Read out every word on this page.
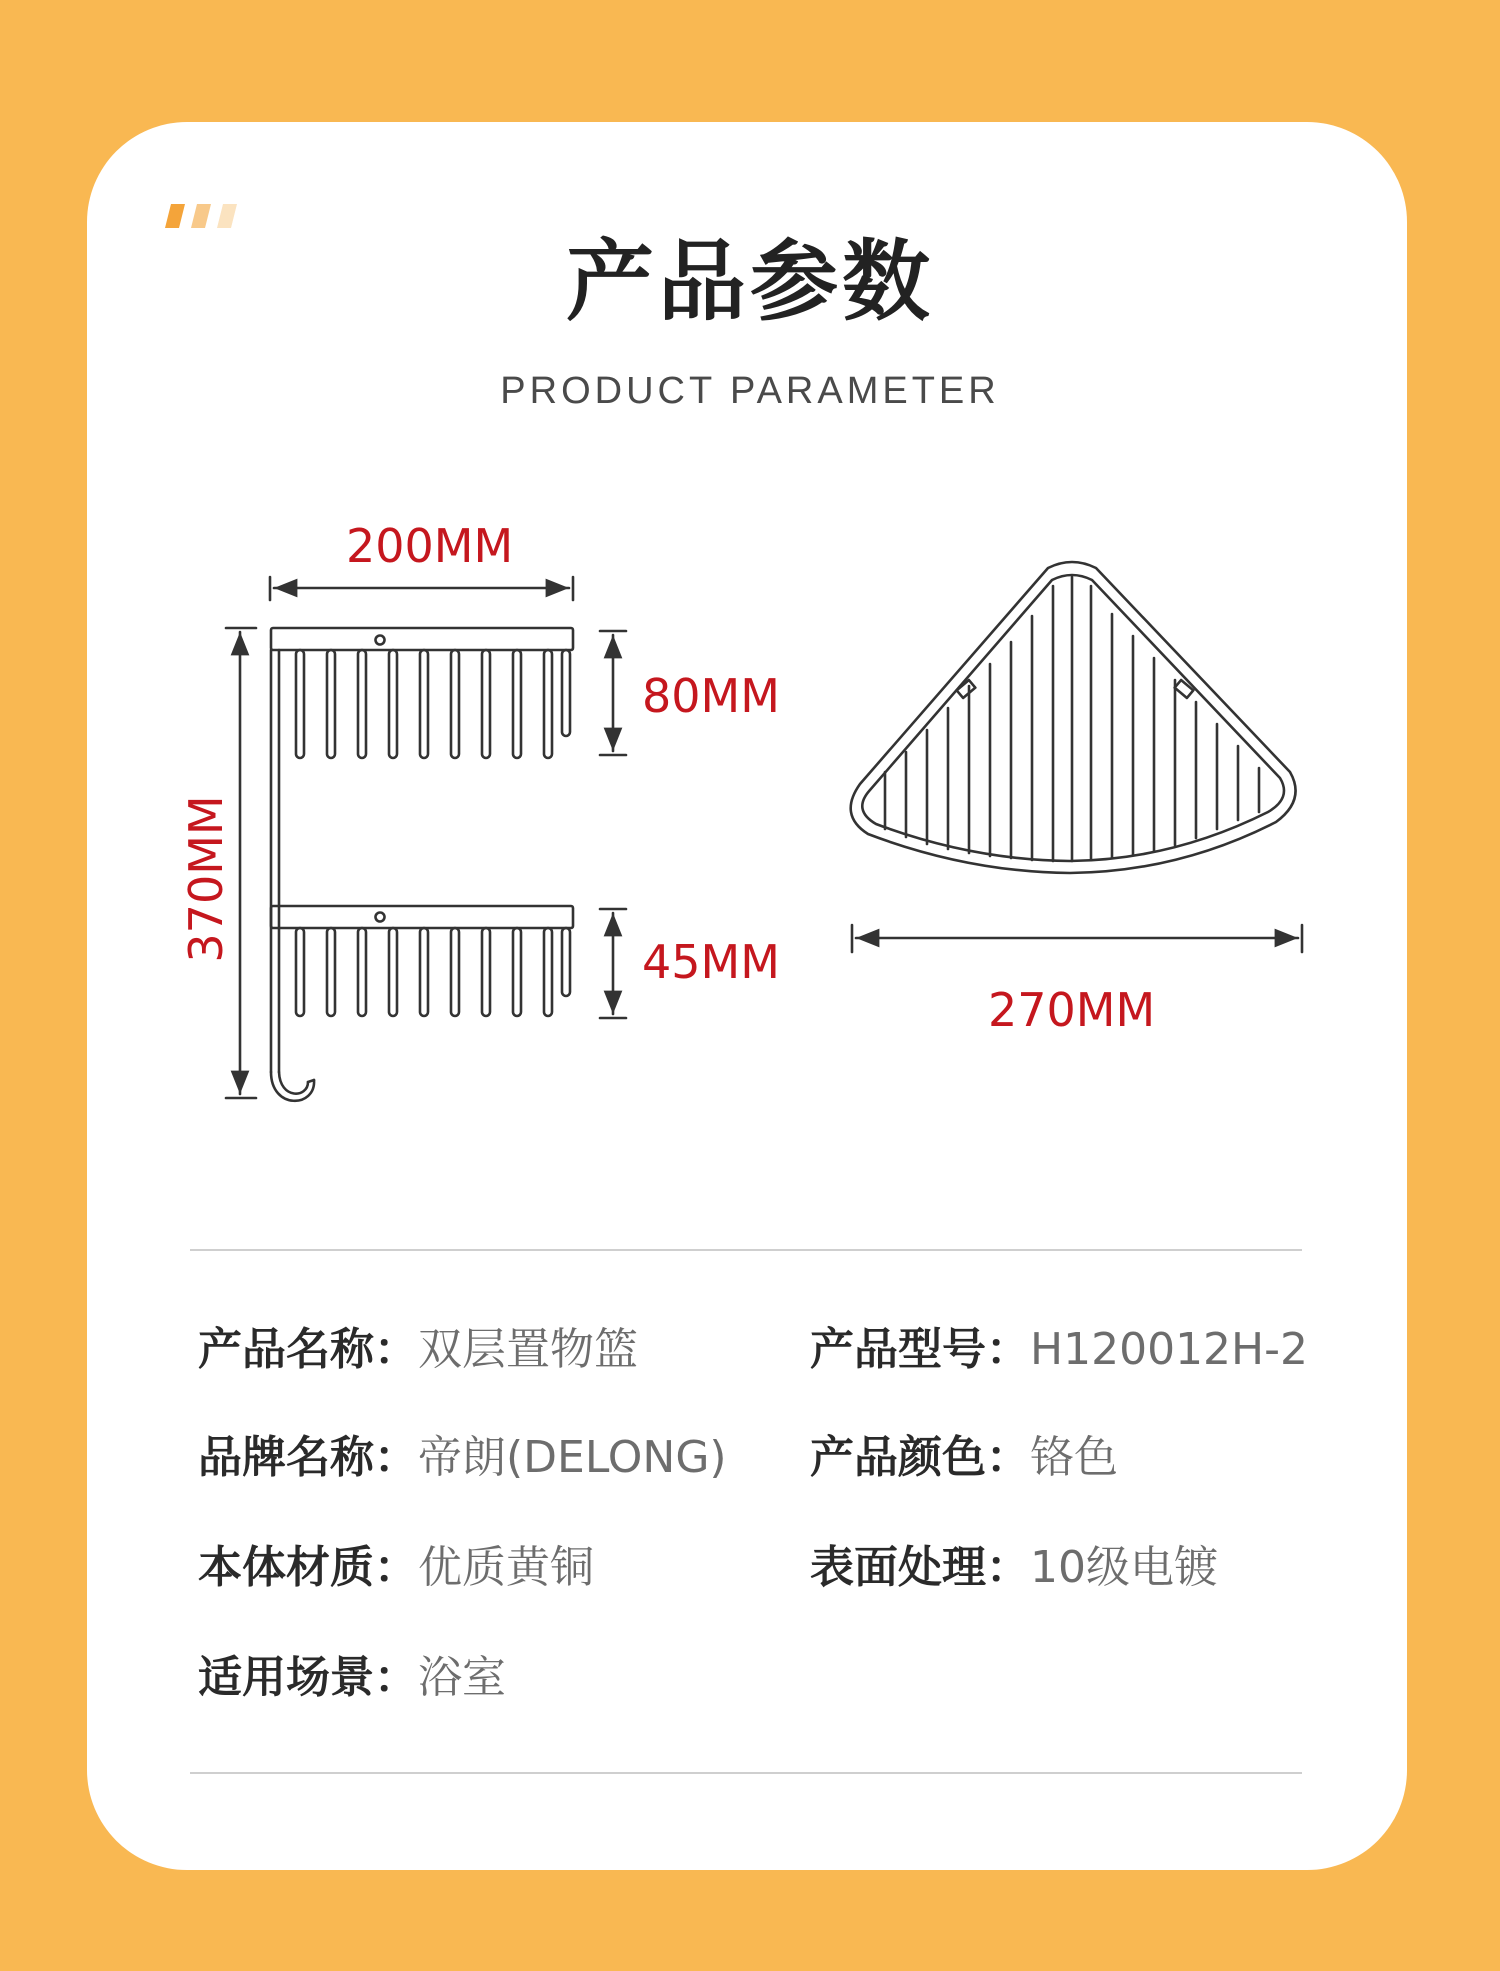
产品参数
PRODUCT PARAMETER
200MM
80MM
45MM
270MM
370MM
产品名称：双层置物篮	产品型号：H120012H-2
品牌名称：帝朗(DELONG) 产品颜色：铬色
本体材质：优质黄铜	表面处理：10级电镀
适用场景：浴室
